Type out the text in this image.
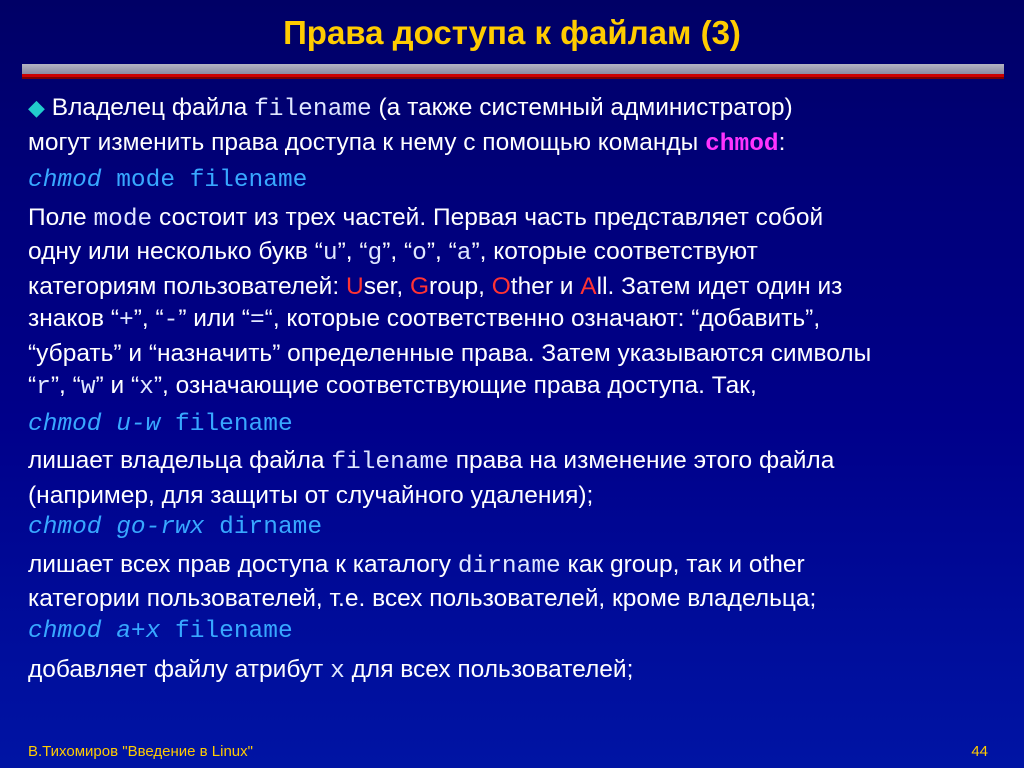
Права доступа к файлам (3)
◆ Владелец файла filename (а также системный администратор)
могут изменить права доступа к нему с помощью команды chmod:
chmod mode filename
Поле mode состоит из трех частей. Первая часть представляет собой
одну или несколько букв “u”, “g”, “o”, “a”, которые соответствуют
категориям пользователей: User, Group, Other и All. Затем идет один из
знаков “+”, “-” или “=“, которые соответственно означают: “добавить”,
“убрать” и “назначить” определенные права. Затем указываются символы
“r”, “w” и “x”, означающие соответствующие права доступа. Так,
chmod u-w filename
лишает владельца файла filename права на изменение этого файла
(например, для защиты от случайного удаления);
chmod go-rwx dirname
лишает всех прав доступа к каталогу dirname как group, так и other
категории пользователей, т.е. всех пользователей, кроме владельца;
chmod a+x filename
добавляет файлу атрибут x для всех пользователей;
В.Тихомиров "Введение в Linux"	44
